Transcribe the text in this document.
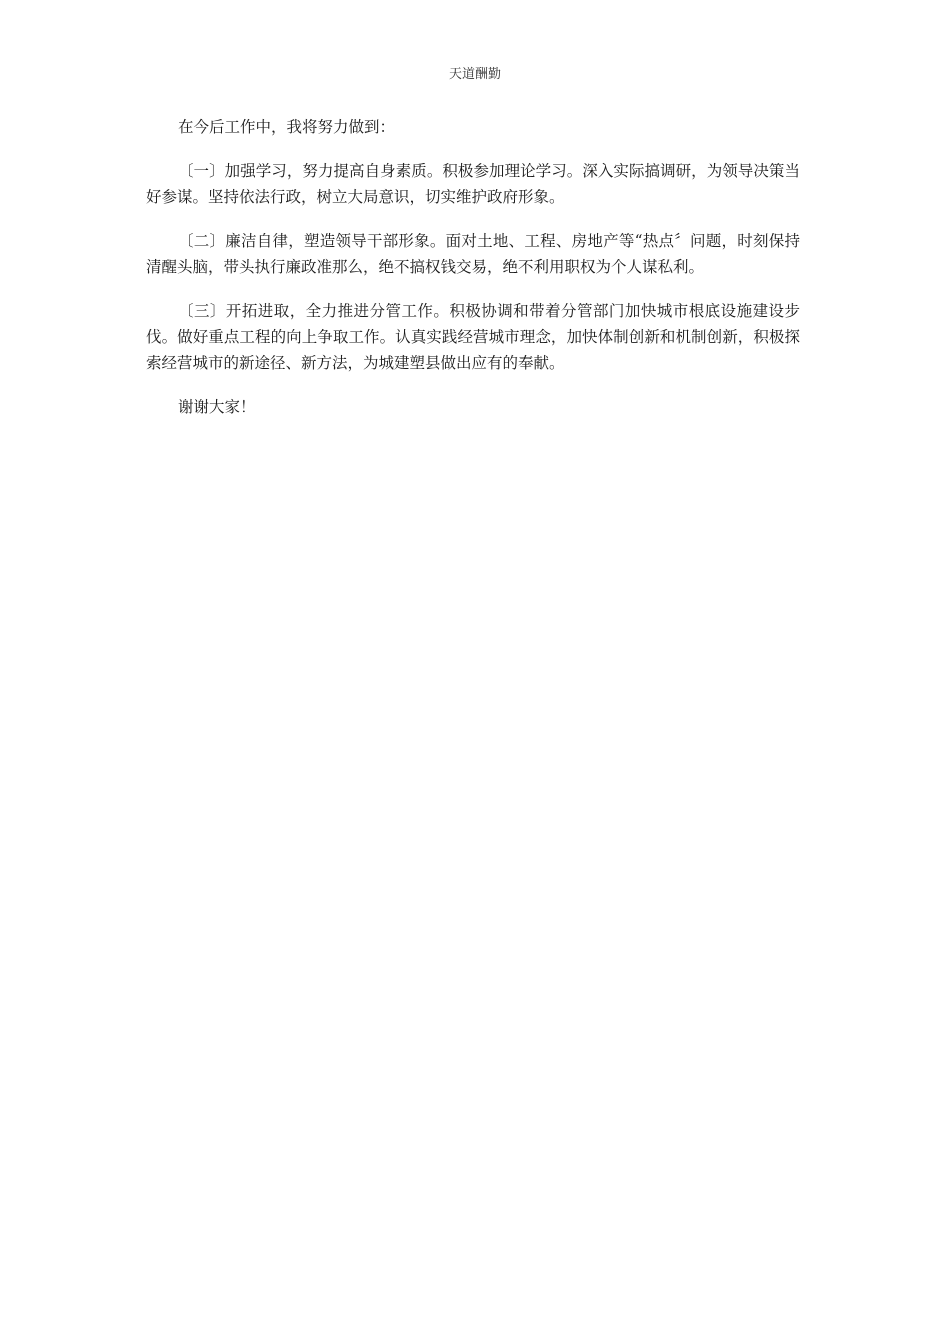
天道酬勤

在今后工作中，我将努力做到：

〔一〕加强学习，努力提高自身素质。积极参加理论学习。深入实际搞调研，为领导决策当好参谋。坚持依法行政，树立大局意识，切实维护政府形象。

〔二〕廉洁自律，塑造领导干部形象。面对土地、工程、房地产等“热点〞问题，时刻保持清醒头脑，带头执行廉政准那么，绝不搞权钱交易，绝不利用职权为个人谋私利。

〔三〕开拓进取，全力推进分管工作。积极协调和带着分管部门加快城市根底设施建设步伐。做好重点工程的向上争取工作。认真实践经营城市理念，加快体制创新和机制创新，积极探索经营城市的新途径、新方法，为城建塑县做出应有的奉献。

谢谢大家！
